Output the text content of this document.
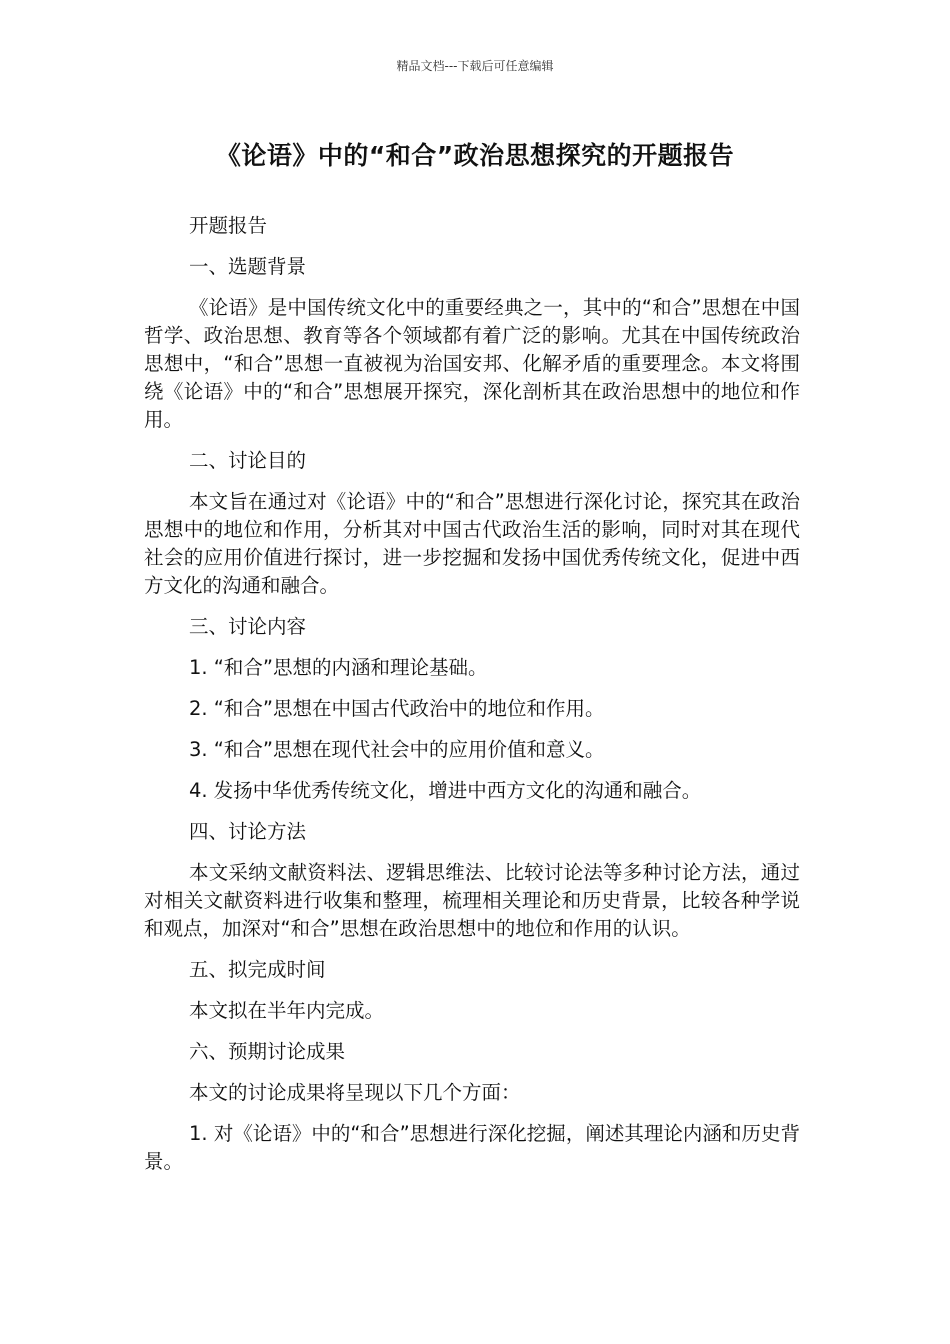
精品文档---下载后可任意编辑
《论语》中的“和合”政治思想探究的开题报告

开题报告

一、选题背景

《论语》是中国传统文化中的重要经典之一，其中的“和合”思想在中国哲学、政治思想、教育等各个领域都有着广泛的影响。尤其在中国传统政治思想中，“和合”思想一直被视为治国安邦、化解矛盾的重要理念。本文将围绕《论语》中的“和合”思想展开探究，深化剖析其在政治思想中的地位和作用。

二、讨论目的

本文旨在通过对《论语》中的“和合”思想进行深化讨论，探究其在政治思想中的地位和作用，分析其对中国古代政治生活的影响，同时对其在现代社会的应用价值进行探讨，进一步挖掘和发扬中国优秀传统文化，促进中西方文化的沟通和融合。

三、讨论内容

1. “和合”思想的内涵和理论基础。

2. “和合”思想在中国古代政治中的地位和作用。

3. “和合”思想在现代社会中的应用价值和意义。

4. 发扬中华优秀传统文化，增进中西方文化的沟通和融合。

四、讨论方法

本文采纳文献资料法、逻辑思维法、比较讨论法等多种讨论方法，通过对相关文献资料进行收集和整理，梳理相关理论和历史背景，比较各种学说和观点，加深对“和合”思想在政治思想中的地位和作用的认识。

五、拟完成时间

本文拟在半年内完成。

六、预期讨论成果

本文的讨论成果将呈现以下几个方面：

1. 对《论语》中的“和合”思想进行深化挖掘，阐述其理论内涵和历史背景。
